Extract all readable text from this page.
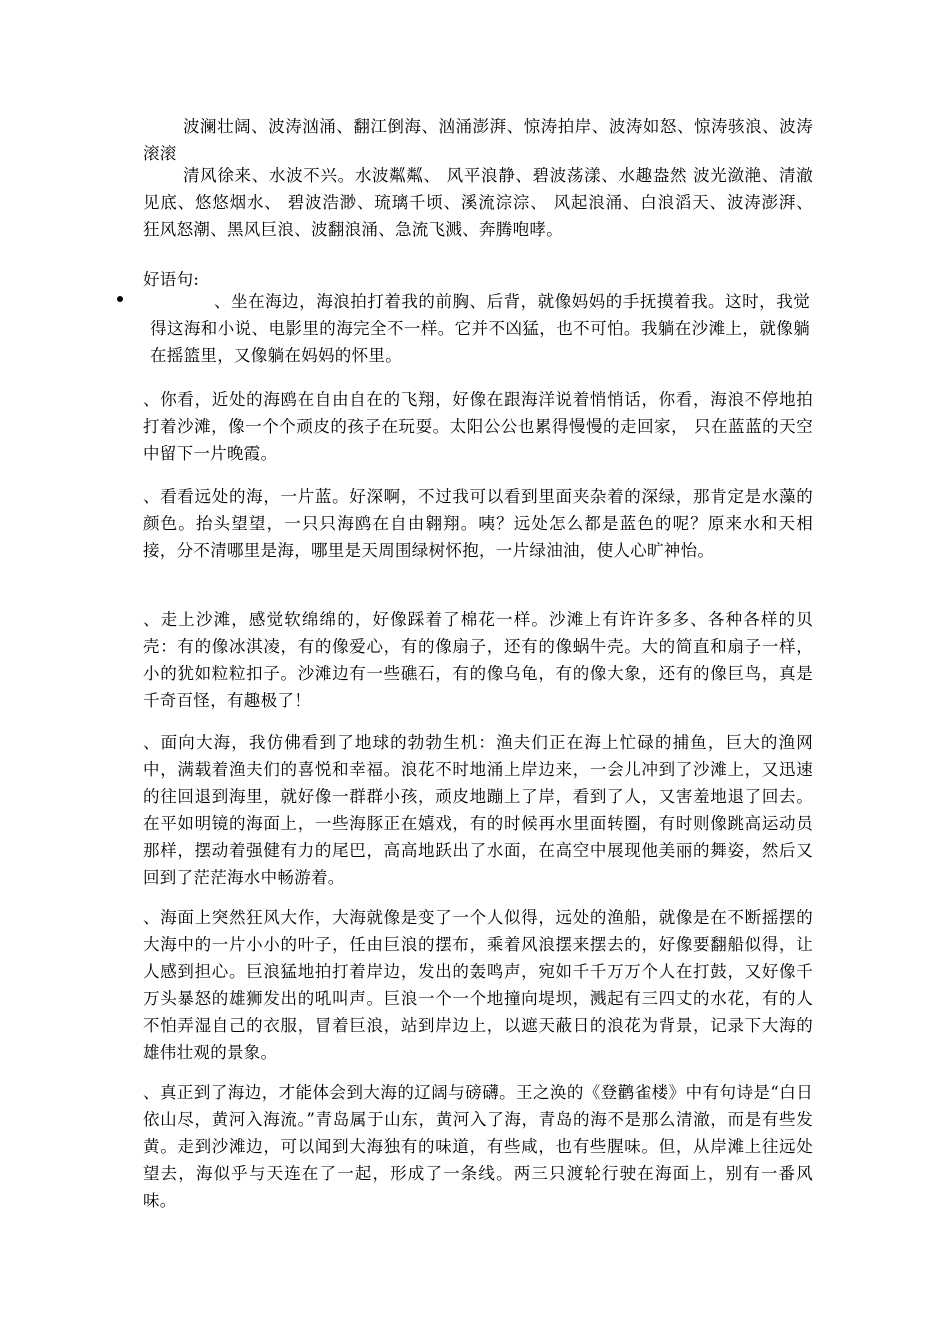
波澜壮阔、波涛汹涌、翻江倒海、汹涌澎湃、惊涛拍岸、波涛如怒、惊涛骇浪、波涛滚滚

清风徐来、水波不兴。水波粼粼、 风平浪静、碧波荡漾、水趣盎然 波光潋滟、清澈见底、悠悠烟水、 碧波浩渺、琉璃千顷、溪流淙淙、 风起浪涌、白浪滔天、波涛澎湃、 狂风怒潮、黑风巨浪、波翻浪涌、急流飞溅、奔腾咆哮。

好语句:

、坐在海边，海浪拍打着我的前胸、后背，就像妈妈的手抚摸着我。这时，我觉得这海和小说、电影里的海完全不一样。它并不凶猛，也不可怕。我躺在沙滩上，就像躺在摇篮里，又像躺在妈妈的怀里。

、你看，近处的海鸥在自由自在的飞翔，好像在跟海洋说着悄悄话，你看，海浪不停地拍打着沙滩，像一个个顽皮的孩子在玩耍。太阳公公也累得慢慢的走回家， 只在蓝蓝的天空中留下一片晚霞。

、看看远处的海，一片蓝。好深啊，不过我可以看到里面夹杂着的深绿，那肯定是水藻的颜色。抬头望望，一只只海鸥在自由翱翔。咦？远处怎么都是蓝色的呢？原来水和天相接，分不清哪里是海，哪里是天周围绿树怀抱，一片绿油油，使人心旷神怡。

、走上沙滩，感觉软绵绵的，好像踩着了棉花一样。沙滩上有许许多多、各种各样的贝壳：有的像冰淇凌，有的像爱心，有的像扇子，还有的像蜗牛壳。大的简直和扇子一样，小的犹如粒粒扣子。沙滩边有一些礁石，有的像乌龟，有的像大象，还有的像巨鸟，真是千奇百怪，有趣极了！

、面向大海，我仿佛看到了地球的勃勃生机：渔夫们正在海上忙碌的捕鱼，巨大的渔网中，满载着渔夫们的喜悦和幸福。浪花不时地涌上岸边来，一会儿冲到了沙滩上，又迅速的往回退到海里，就好像一群群小孩，顽皮地蹦上了岸，看到了人，又害羞地退了回去。在平如明镜的海面上，一些海豚正在嬉戏，有的时候再水里面转圈，有时则像跳高运动员那样，摆动着强健有力的尾巴，高高地跃出了水面，在高空中展现他美丽的舞姿，然后又回到了茫茫海水中畅游着。

、海面上突然狂风大作，大海就像是变了一个人似得，远处的渔船，就像是在不断摇摆的大海中的一片小小的叶子，任由巨浪的摆布，乘着风浪摆来摆去的，好像要翻船似得，让人感到担心。巨浪猛地拍打着岸边，发出的轰鸣声，宛如千千万万个人在打鼓，又好像千万头暴怒的雄狮发出的吼叫声。巨浪一个一个地撞向堤坝，溅起有三四丈的水花，有的人不怕弄湿自己的衣服，冒着巨浪，站到岸边上，以遮天蔽日的浪花为背景，记录下大海的雄伟壮观的景象。

、真正到了海边，才能体会到大海的辽阔与磅礴。王之涣的《登鹳雀楼》中有句诗是“白日依山尽，黄河入海流。”青岛属于山东，黄河入了海，青岛的海不是那么清澈，而是有些发黄。走到沙滩边，可以闻到大海独有的味道，有些咸，也有些腥味。但，从岸滩上往远处望去，海似乎与天连在了一起，形成了一条线。两三只渡轮行驶在海面上，别有一番风味。
